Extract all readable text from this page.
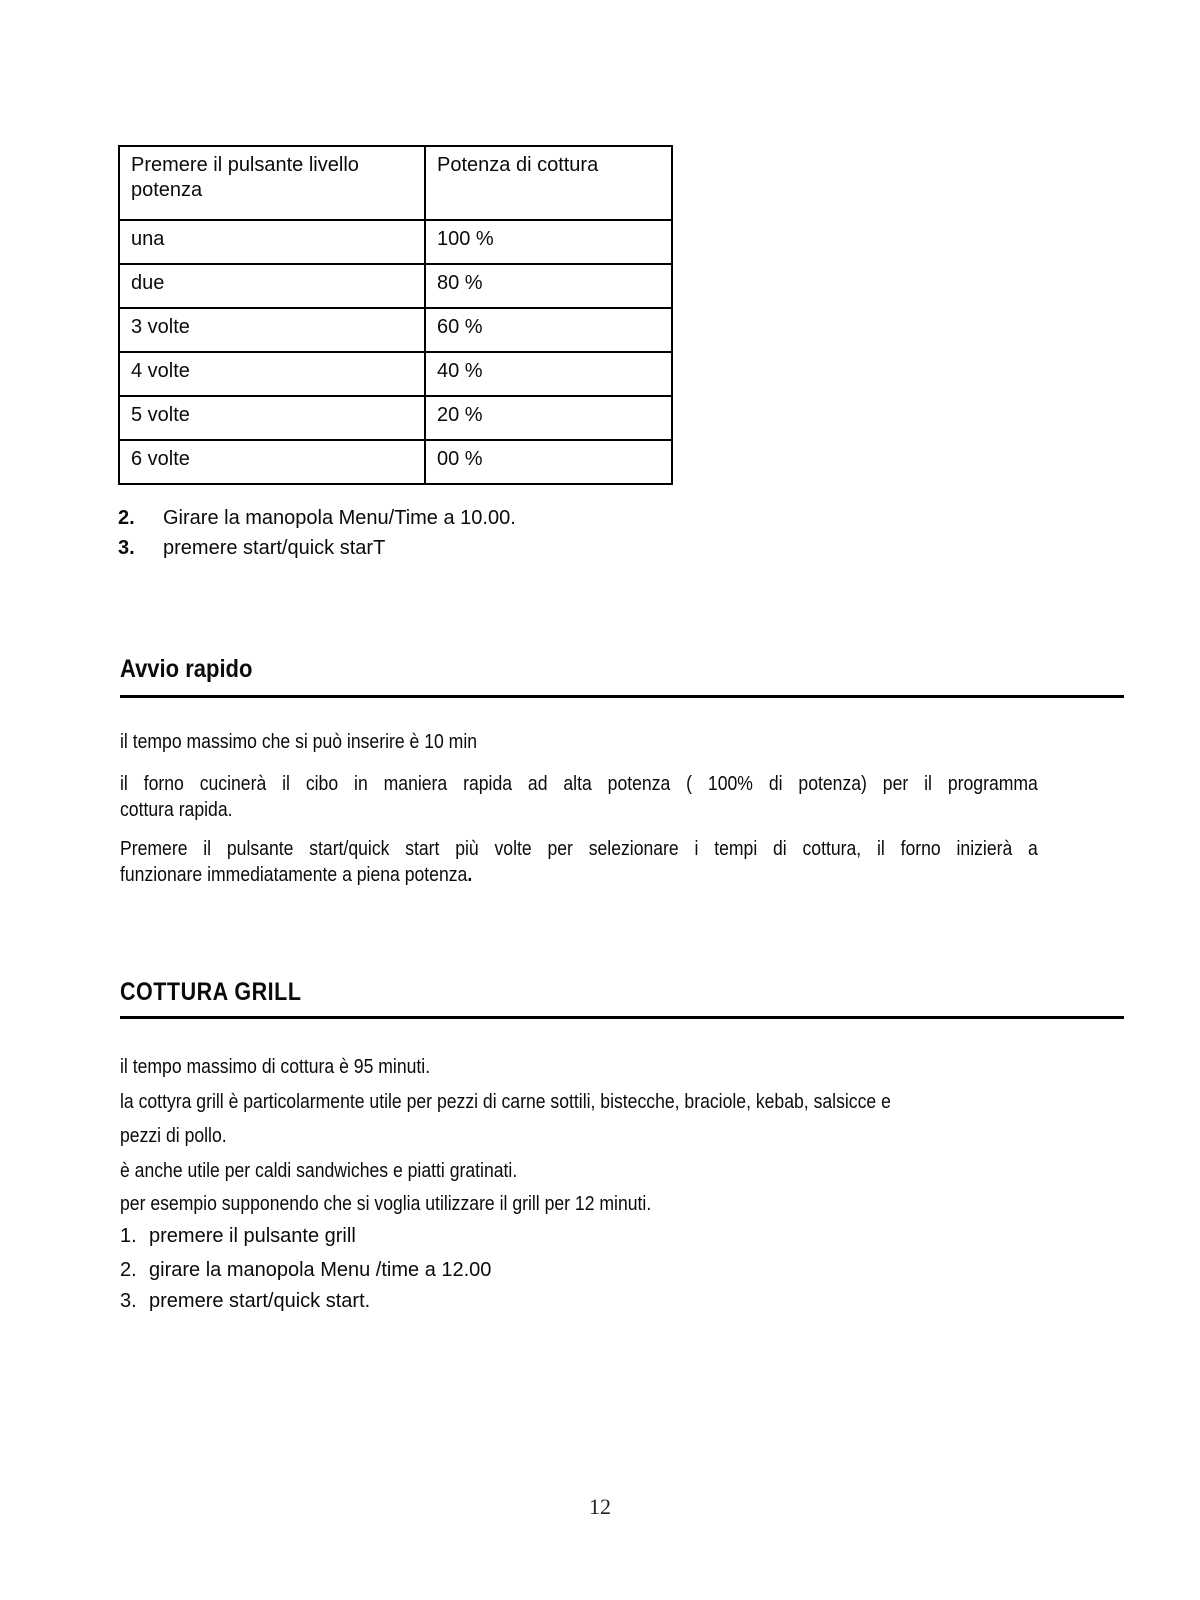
Premere il pulsante livello potenza	Potenza di cottura
una	100 %
due	80 %
3 volte	60 %
4 volte	40 %
5 volte	20 %
6 volte	00 %
2. Girare la manopola Menu/Time a 10.00.
3. premere start/quick starT
Avvio rapido
il tempo massimo che si può inserire è 10 min
il forno cucinerà il cibo in maniera rapida ad alta potenza ( 100% di potenza) per il programma
cottura rapida.
Premere il pulsante start/quick start più volte per selezionare i tempi di cottura, il forno inizierà a
funzionare immediatamente a piena potenza.
COTTURA GRILL
il tempo massimo di cottura è 95 minuti.
la cottyra grill è particolarmente utile per pezzi di carne sottili, bistecche, braciole, kebab, salsicce e
pezzi di pollo.
è anche utile per caldi sandwiches e piatti gratinati.
per esempio supponendo che si voglia utilizzare il grill per 12 minuti.
1. premere il pulsante grill
2. girare la manopola Menu /time a 12.00
3. premere start/quick start.
12
